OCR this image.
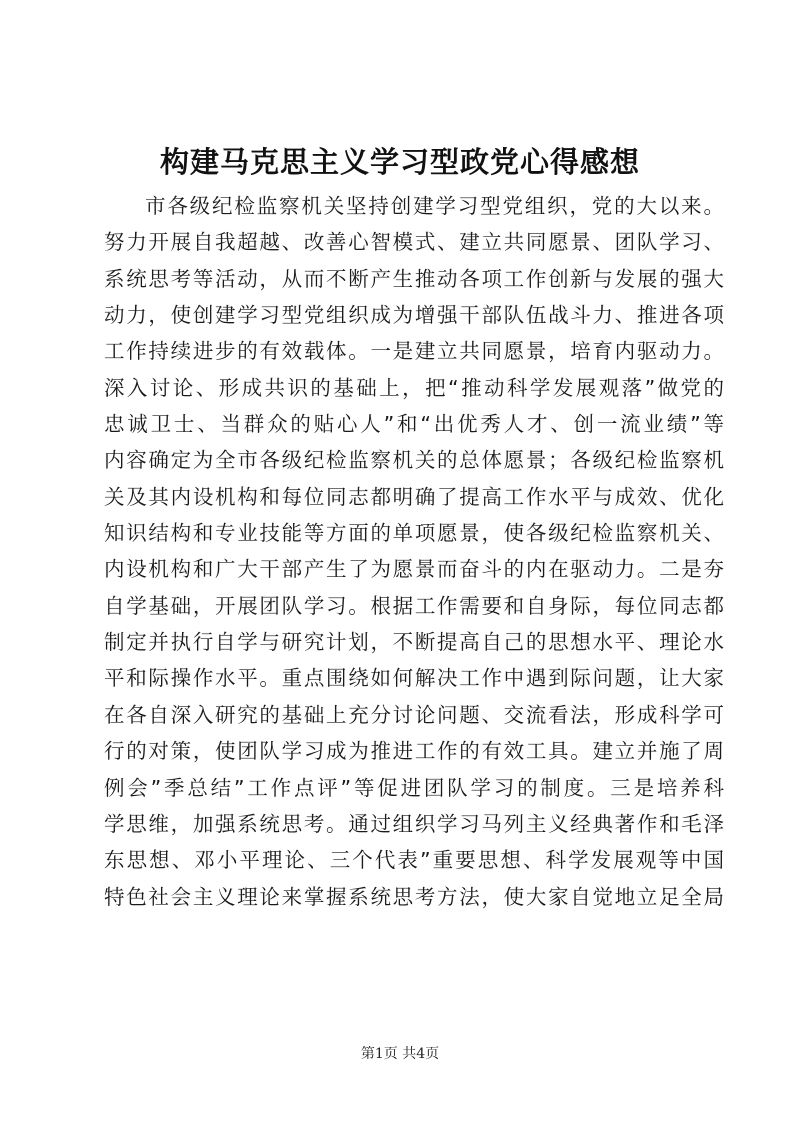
构建马克思主义学习型政党心得感想
市各级纪检监察机关坚持创建学习型党组织，党的大以来。
努力开展自我超越、改善心智模式、建立共同愿景、团队学习、
系统思考等活动，从而不断产生推动各项工作创新与发展的强大
动力，使创建学习型党组织成为增强干部队伍战斗力、推进各项
工作持续进步的有效载体。一是建立共同愿景，培育内驱动力。
深入讨论、形成共识的基础上，把“推动科学发展观落”做党的
忠诚卫士、当群众的贴心人”和“出优秀人才、创一流业绩”等
内容确定为全市各级纪检监察机关的总体愿景；各级纪检监察机
关及其内设机构和每位同志都明确了提高工作水平与成效、优化
知识结构和专业技能等方面的单项愿景，使各级纪检监察机关、
内设机构和广大干部产生了为愿景而奋斗的内在驱动力。二是夯
自学基础，开展团队学习。根据工作需要和自身际，每位同志都
制定并执行自学与研究计划，不断提高自己的思想水平、理论水
平和际操作水平。重点围绕如何解决工作中遇到际问题，让大家
在各自深入研究的基础上充分讨论问题、交流看法，形成科学可
行的对策，使团队学习成为推进工作的有效工具。建立并施了周
例会”季总结”工作点评”等促进团队学习的制度。三是培养科
学思维，加强系统思考。通过组织学习马列主义经典著作和毛泽
东思想、邓小平理论、三个代表”重要思想、科学发展观等中国
特色社会主义理论来掌握系统思考方法，使大家自觉地立足全局
第1页 共4页
